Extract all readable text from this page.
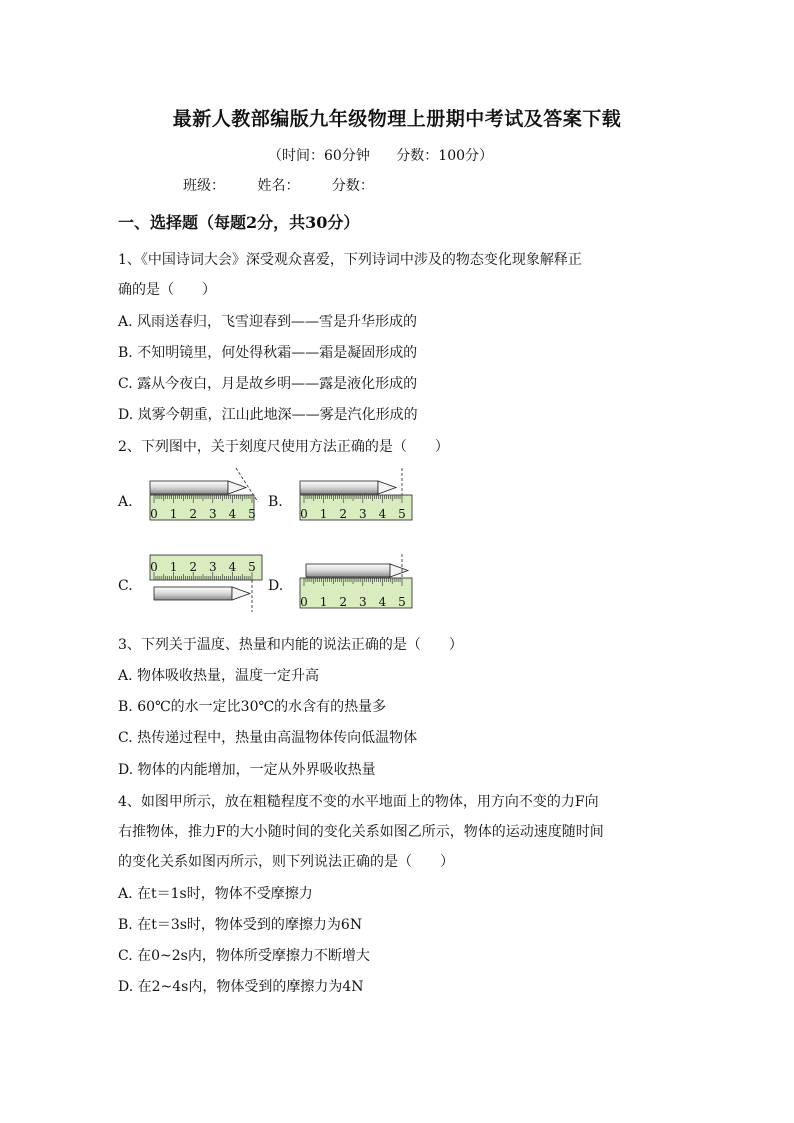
最新人教部编版九年级物理上册期中考试及答案下载
（时间：60分钟 分数：100分）
班级： 姓名： 分数：
一、选择题（每题2分，共30分）
1、《中国诗词大会》深受观众喜爱，下列诗词中涉及的物态变化现象解释正
确的是（　　）
A. 风雨送春归，飞雪迎春到——雪是升华形成的
B. 不知明镜里，何处得秋霜——霜是凝固形成的
C. 露从今夜白，月是故乡明——露是液化形成的
D. 岚雾今朝重，江山此地深——雾是汽化形成的
2、下列图中，关于刻度尺使用方法正确的是（　　）
A.	B.
C.	D.
0 1 2 3 4 5	0 1 2 3 4 5
0 1 2 3 4 5
0 1 2 3 4 5
3、下列关于温度、热量和内能的说法正确的是（　　）
A. 物体吸收热量，温度一定升高
B. 60℃的水一定比30℃的水含有的热量多
C. 热传递过程中，热量由高温物体传向低温物体
D. 物体的内能增加，一定从外界吸收热量
4、如图甲所示，放在粗糙程度不变的水平地面上的物体，用方向不变的力F向
右推物体，推力F的大小随时间的变化关系如图乙所示，物体的运动速度随时间
的变化关系如图丙所示，则下列说法正确的是（　　）
A. 在t＝1s时，物体不受摩擦力
B. 在t＝3s时，物体受到的摩擦力为6N
C. 在0~2s内，物体所受摩擦力不断增大
D. 在2~4s内，物体受到的摩擦力为4N
